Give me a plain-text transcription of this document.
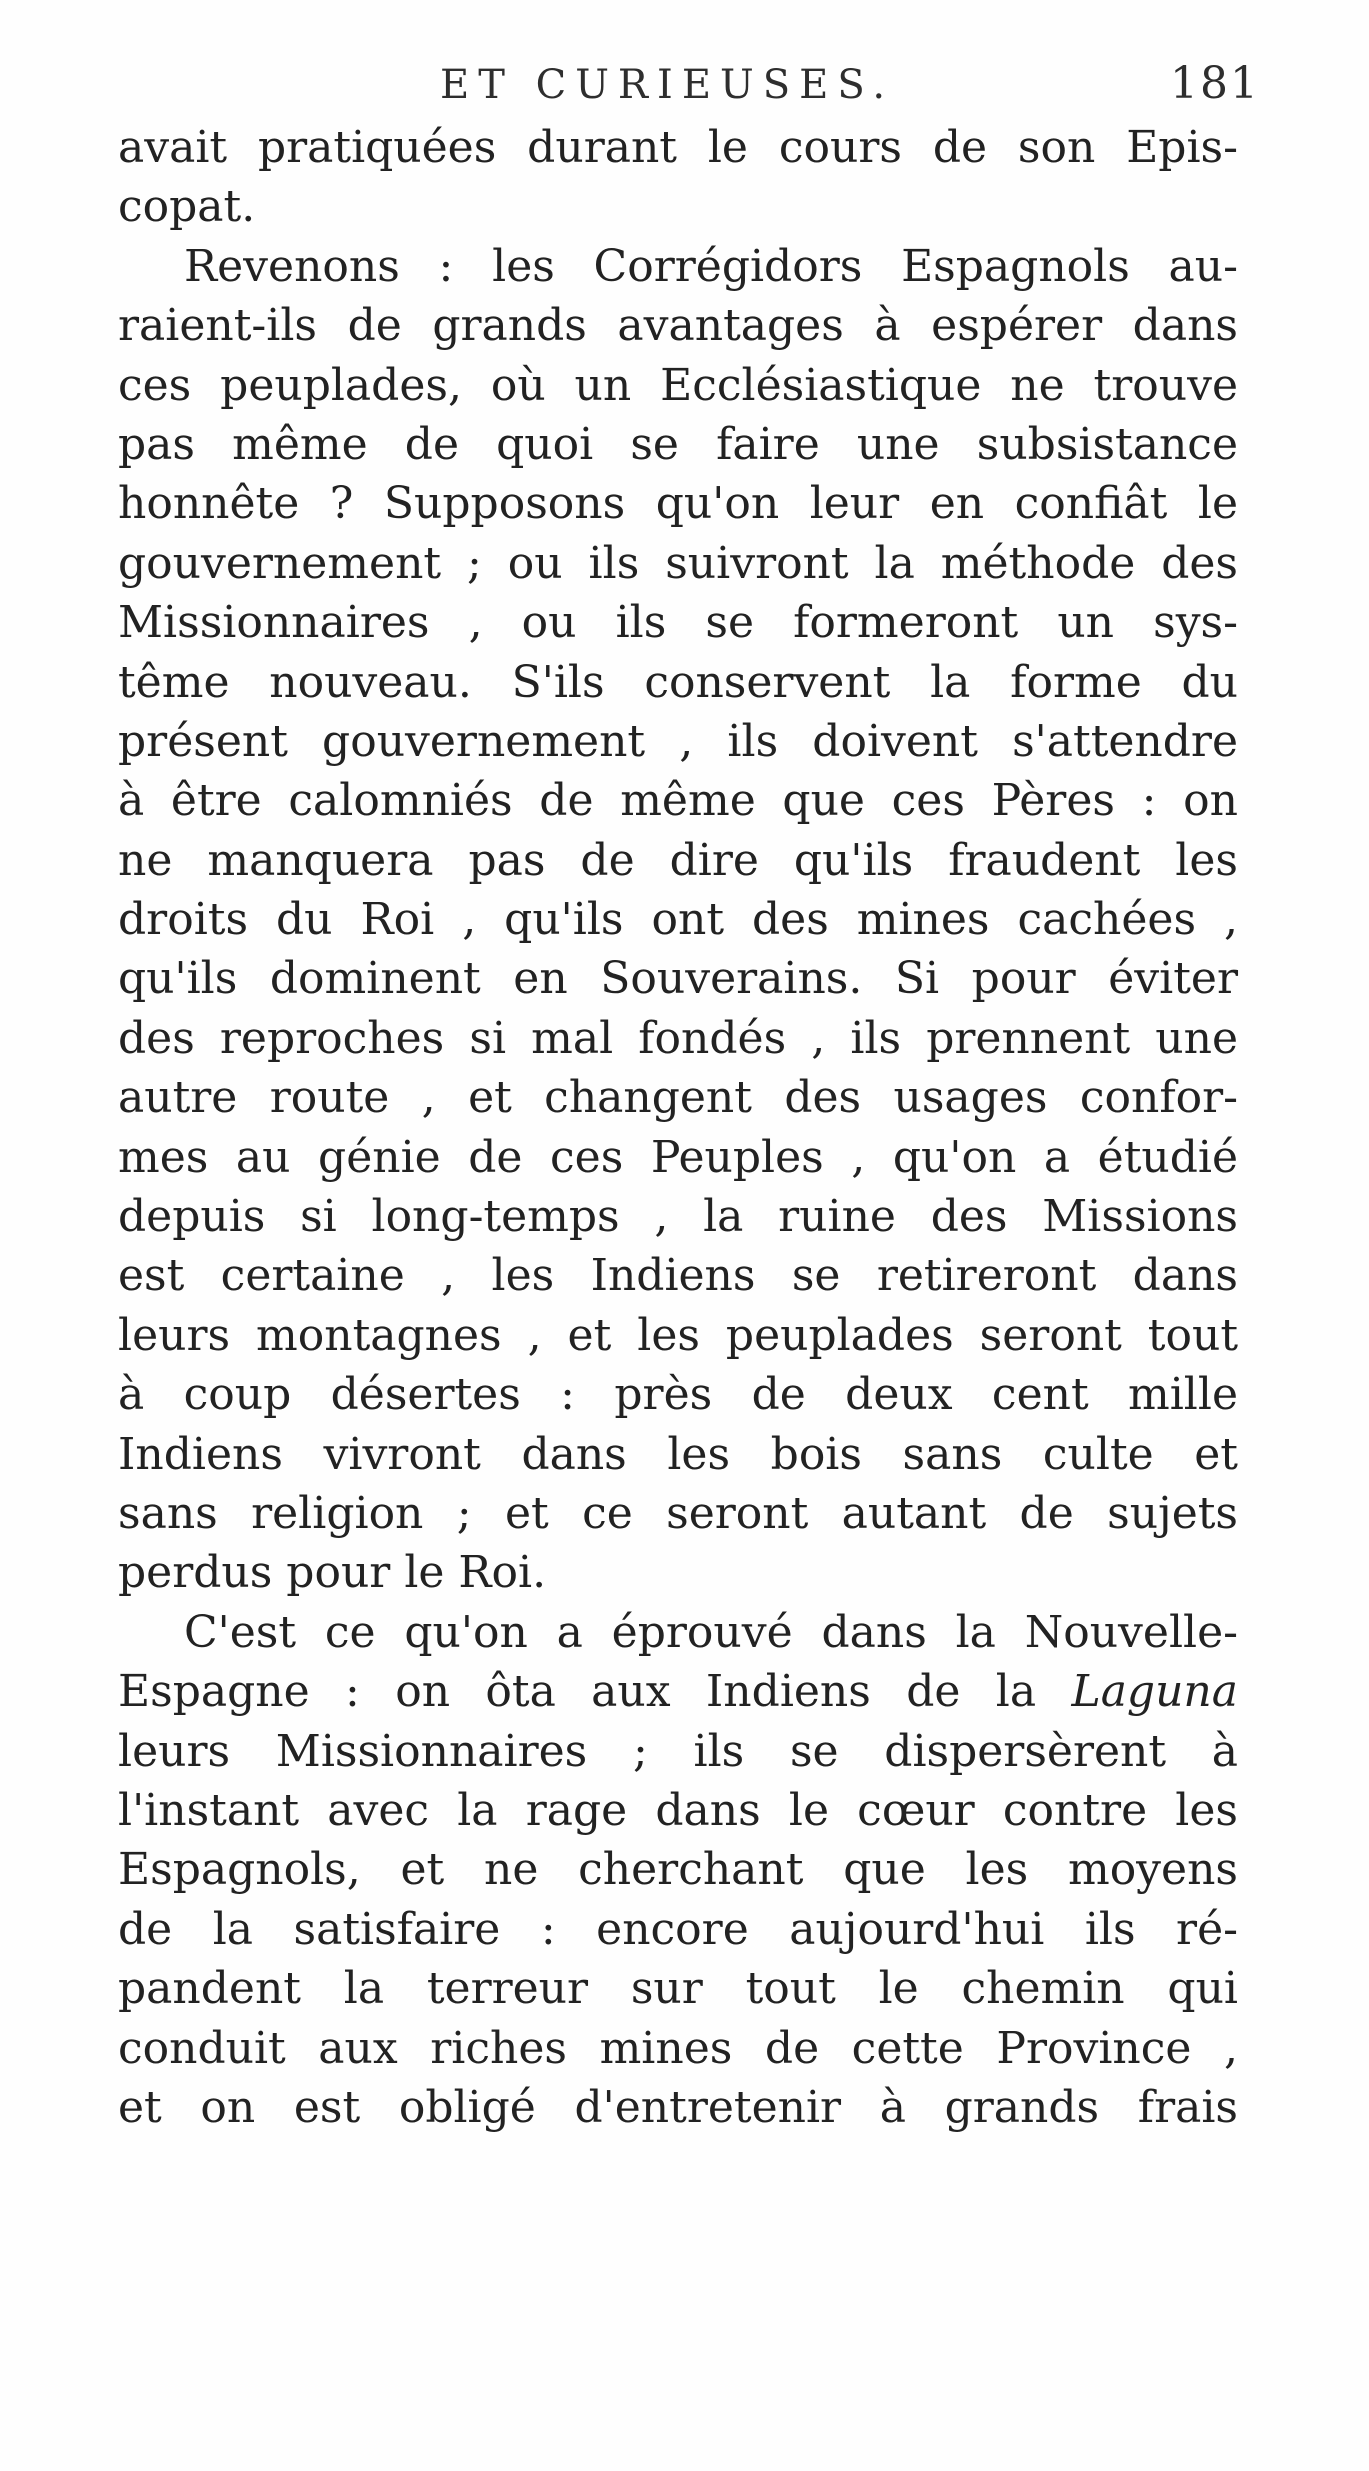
ET CURIEUSES.	181
avait pratiquées durant le cours de son Epis-
copat.
Revenons : les Corrégidors Espagnols au-
raient-ils de grands avantages à espérer dans
ces peuplades, où un Ecclésiastique ne trouve
pas même de quoi se faire une subsistance
honnête ? Supposons qu'on leur en confiât le
gouvernement ; ou ils suivront la méthode des
Missionnaires , ou ils se formeront un sys-
tême nouveau. S'ils conservent la forme du
présent gouvernement , ils doivent s'attendre
à être calomniés de même que ces Pères : on
ne manquera pas de dire qu'ils fraudent les
droits du Roi , qu'ils ont des mines cachées ,
qu'ils dominent en Souverains. Si pour éviter
des reproches si mal fondés , ils prennent une
autre route , et changent des usages confor-
mes au génie de ces Peuples , qu'on a étudié
depuis si long-temps , la ruine des Missions
est certaine , les Indiens se retireront dans
leurs montagnes , et les peuplades seront tout
à coup désertes : près de deux cent mille
Indiens vivront dans les bois sans culte et
sans religion ; et ce seront autant de sujets
perdus pour le Roi.
C'est ce qu'on a éprouvé dans la Nouvelle-
Espagne : on ôta aux Indiens de la Laguna
leurs Missionnaires ; ils se dispersèrent à
l'instant avec la rage dans le cœur contre les
Espagnols, et ne cherchant que les moyens
de la satisfaire : encore aujourd'hui ils ré-
pandent la terreur sur tout le chemin qui
conduit aux riches mines de cette Province ,
et on est obligé d'entretenir à grands frais
